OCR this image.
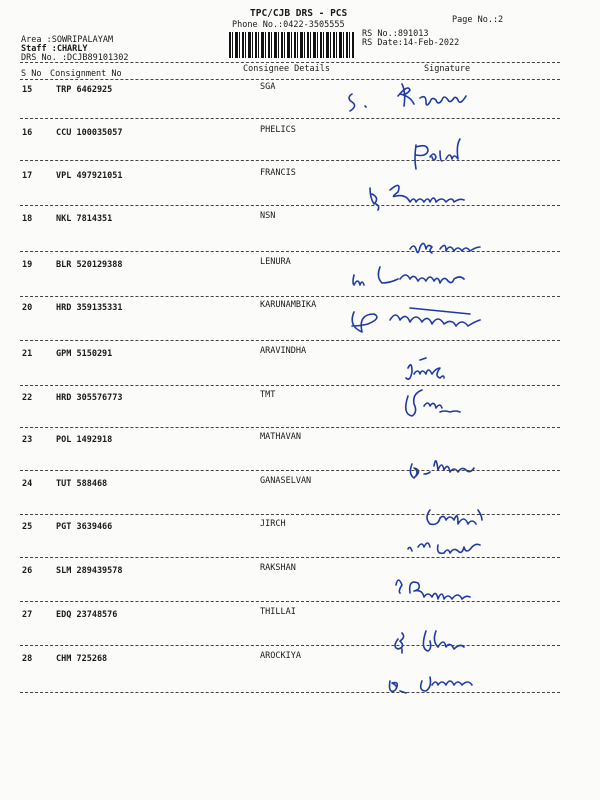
TPC/CJB DRS - PCS
Phone No.:0422-3505555	Page No.:2
Area :SOWRIPALAYAM
Staff :CHARLY
DRS No. :DCJB89101302
RS No.:891013
RS Date:14-Feb-2022
S No Consignment No	Consignee Details	Signature
15	TRP 6462925	SGA
16	CCU 100035057	PHELICS
17	VPL 497921051	FRANCIS
18	NKL 7814351	NSN
19	BLR 520129388	LENURA
20	HRD 359135331	KARUNAMBIKA
21	GPM 5150291	ARAVINDHA
22	HRD 305576773	TMT
23	POL 1492918	MATHAVAN
24	TUT 588468	GANASELVAN
25	PGT 3639466	JIRCH
26	SLM 289439578	RAKSHAN
27	EDQ 23748576	THILLAI
28	CHM 725268	AROCKIYA
